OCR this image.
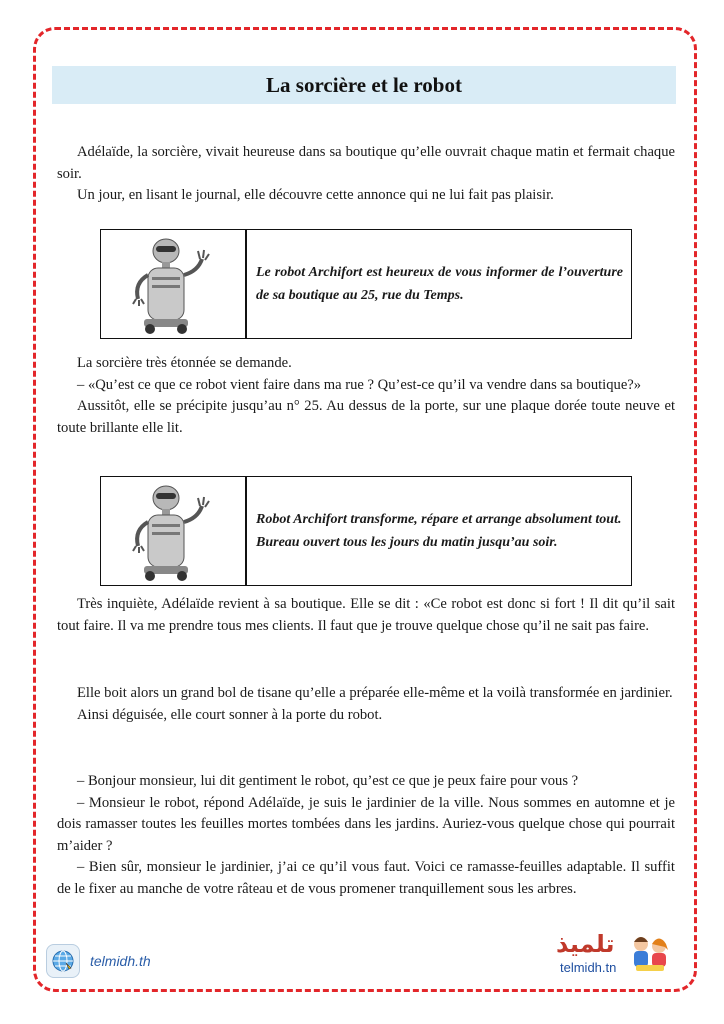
La sorcière et le robot

Adélaïde, la sorcière, vivait heureuse dans sa boutique qu’elle ouvrait chaque matin et fermait chaque soir.

Un jour, en lisant le journal, elle découvre cette annonce qui ne lui fait pas plaisir.

Le robot Archifort est heureux de vous informer de l’ouverture de sa boutique au 25, rue du Temps.

La sorcière très étonnée se demande.

– «Qu’est ce que ce robot vient faire dans ma rue ? Qu’est-ce qu’il va vendre dans sa boutique?»

Aussitôt, elle se précipite jusqu’au n° 25. Au dessus de la porte, sur une plaque dorée toute neuve et toute brillante elle lit.

Robot Archifort transforme, répare et arrange absolument tout.

Bureau ouvert tous les jours du matin jusqu’au soir.

Très inquiète, Adélaïde revient à sa boutique. Elle se dit : «Ce robot est donc si fort ! Il dit qu’il sait tout faire. Il va me prendre tous mes clients. Il faut que je trouve quelque chose qu’il ne sait pas faire.

Elle boit alors un grand bol de tisane qu’elle a préparée elle-même et la voilà transformée en jardinier.

Ainsi déguisée, elle court sonner à la porte du robot.

– Bonjour monsieur, lui dit gentiment le robot, qu’est ce que je peux faire pour vous ?

– Monsieur le robot, répond Adélaïde, je suis le jardinier de la ville. Nous sommes en automne et je dois ramasser toutes les feuilles mortes tombées dans les jardins. Auriez-vous quelque chose qui pourrait m’aider ?

– Bien sûr, monsieur le jardinier, j’ai ce qu’il vous faut. Voici ce ramasse-feuilles adaptable. Il suffit de le fixer au manche de votre râteau et de vous promener tranquillement sous les arbres.

telmidh.th
تلميذ
telmidh.tn
